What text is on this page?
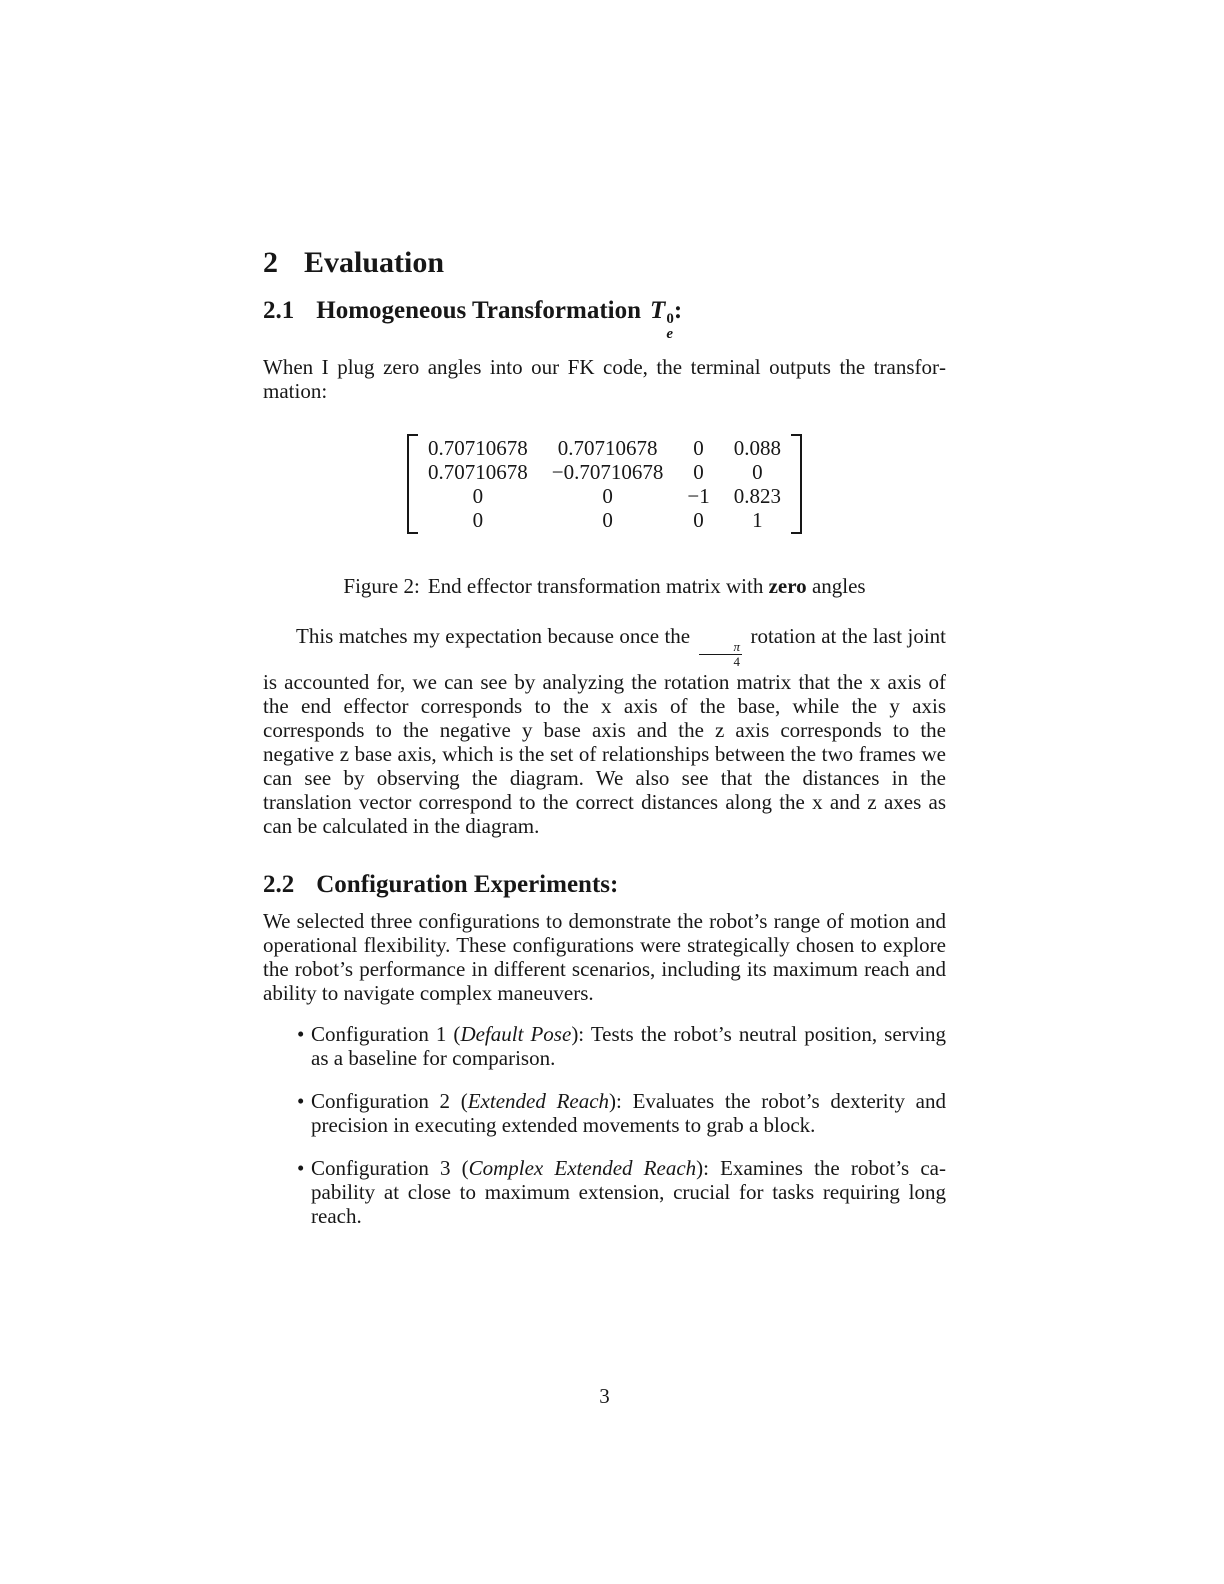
2 Evaluation
2.1 Homogeneous Transformation T 0
e
:

When I plug zero angles into our FK code, the terminal outputs the transformation:

0.70710678 0.70710678 0 0.088
0.70710678 −0.70710678 0 0
0	0	−1 0.823
0	0	0 1
Figure 2: End effector transformation matrix with zero angles

This matches my expectation because once the
$\frac{\pi}{4}$
rotation at the last joint is accounted for, we can see by analyzing the rotation matrix that the x axis of the end effector corresponds to the x axis of the base, while the y axis corresponds to the negative y base axis and the z axis corresponds to the negative z base axis, which is the set of relationships between the two frames we can see by observing the diagram. We also see that the distances in the translation vector correspond to the correct distances along the x and z axes as can be calculated in the diagram.

2.2 Configuration Experiments:

We selected three configurations to demonstrate the robot’s range of motion and operational flexibility. These configurations were strategically chosen to explore the robot’s performance in different scenarios, including its maximum reach and ability to navigate complex maneuvers.

• Configuration 1 (Default Pose): Tests the robot’s neutral position, serving as a baseline for comparison.
• Configuration 2 (Extended Reach): Evaluates the robot’s dexterity and precision in executing extended movements to grab a block.
• Configuration 3 (Complex Extended Reach): Examines the robot’s capability at close to maximum extension, crucial for tasks requiring long reach.
3
